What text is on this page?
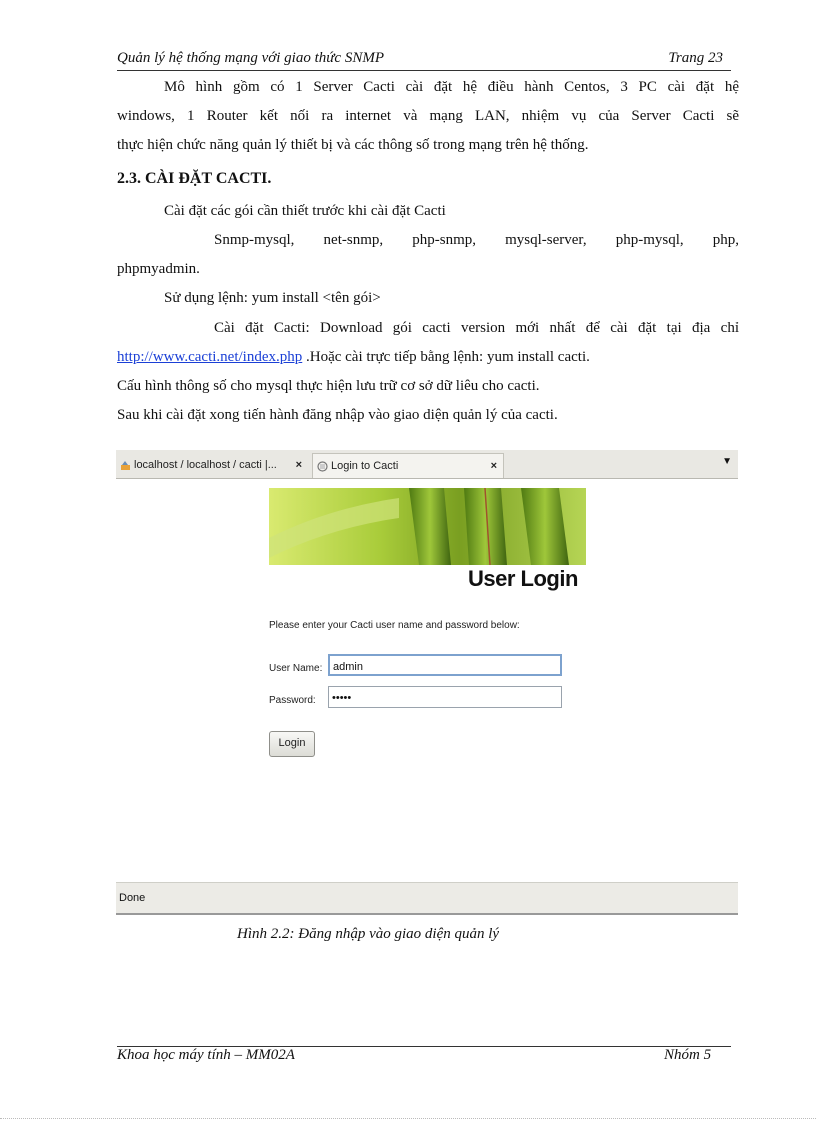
Quản lý hệ thống mạng với giao thức SNMP	Trang 23
Mô hình gồm có 1 Server Cacti cài đặt hệ điều hành Centos, 3 PC cài đặt hệ
windows, 1 Router kết nối ra internet và mạng LAN, nhiệm vụ của Server Cacti sẽ
thực hiện chức năng quản lý thiết bị và các thông số trong mạng trên hệ thống.
2.3. CÀI ĐẶT CACTI.
Cài đặt các gói cần thiết trước khi cài đặt Cacti
Snmp-mysql, net-snmp, php-snmp, mysql-server, php-mysql, php,
phpmyadmin.
Sử dụng lệnh: yum install <tên gói>
Cài đặt Cacti: Download gói cacti version mới nhất để cài đặt tại địa chỉ
http://www.cacti.net/index.php .Hoặc cài trực tiếp bằng lệnh: yum install cacti.
Cấu hình thông số cho mysql thực hiện lưu trữ cơ sở dữ liêu cho cacti.
Sau khi cài đặt xong tiến hành đăng nhập vào giao diện quản lý của cacti.
localhost / localhost / cacti |... ×	Login to Cacti	×	▼
User Login
Please enter your Cacti user name and password below:
User Name: admin
Password:	•••••
Login
Done
Hình 2.2: Đăng nhập vào giao diện quản lý
Khoa học máy tính – MM02A	Nhóm 5
